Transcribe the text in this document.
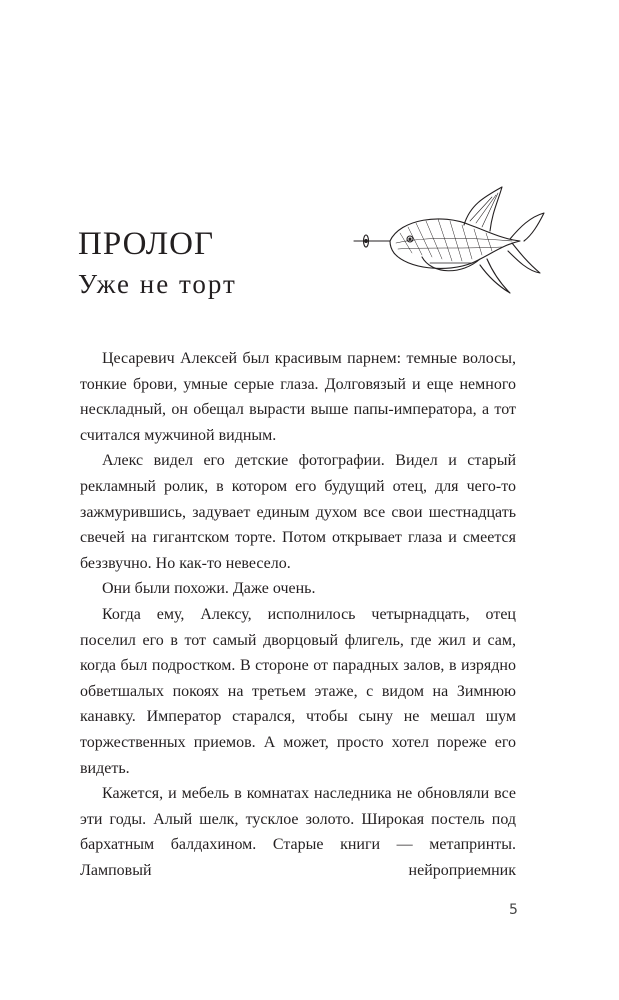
ПРОЛОГ
Уже не торт

Цесаревич Алексей был красивым парнем: темные волосы, тонкие брови, умные серые глаза. Долговязый и еще немного нескладный, он обещал вырасти выше папы-императора, а тот считался мужчиной видным.

Алекс видел его детские фотографии. Видел и старый рекламный ролик, в котором его будущий отец, для чего-то зажмурившись, задувает единым духом все свои шестнадцать свечей на гигантском торте. Потом открывает глаза и смеется беззвучно. Но как-то невесело.

Они были похожи. Даже очень.

Когда ему, Алексу, исполнилось четырнадцать, отец поселил его в тот самый дворцовый флигель, где жил и сам, когда был подростком. В стороне от парадных залов, в изрядно обветшалых покоях на третьем этаже, с видом на Зимнюю канавку. Император старался, чтобы сыну не мешал шум торжественных приемов. А может, просто хотел пореже его видеть.

Кажется, и мебель в комнатах наследника не обновляли все эти годы. Алый шелк, тусклое золото. Широкая постель под бархатным балдахином. Старые книги — метапринты. Ламповый нейроприемник

5
